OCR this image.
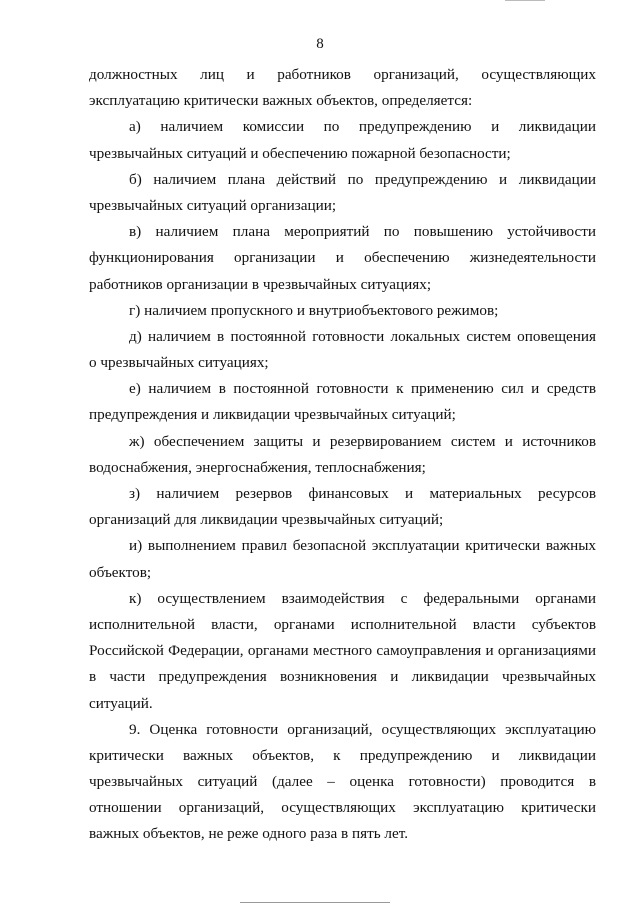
8
должностных лиц и работников организаций, осуществляющих
эксплуатацию критически важных объектов, определяется:
а) наличием комиссии по предупреждению и ликвидации
чрезвычайных ситуаций и обеспечению пожарной безопасности;
б) наличием плана действий по предупреждению и ликвидации
чрезвычайных ситуаций организации;
в) наличием плана мероприятий по повышению устойчивости
функционирования организации и обеспечению жизнедеятельности
работников организации в чрезвычайных ситуациях;
г) наличием пропускного и внутриобъектового режимов;
д) наличием в постоянной готовности локальных систем оповещения
о чрезвычайных ситуациях;
е) наличием в постоянной готовности к применению сил и средств
предупреждения и ликвидации чрезвычайных ситуаций;
ж) обеспечением защиты и резервированием систем и источников
водоснабжения, энергоснабжения, теплоснабжения;
з) наличием резервов финансовых и материальных ресурсов
организаций для ликвидации чрезвычайных ситуаций;
и) выполнением правил безопасной эксплуатации критически важных
объектов;
к) осуществлением взаимодействия с федеральными органами
исполнительной власти, органами исполнительной власти субъектов
Российской Федерации, органами местного самоуправления и организациями
в части предупреждения возникновения и ликвидации чрезвычайных
ситуаций.
9. Оценка готовности организаций, осуществляющих эксплуатацию
критически важных объектов, к предупреждению и ликвидации
чрезвычайных ситуаций (далее – оценка готовности) проводится в
отношении организаций, осуществляющих эксплуатацию критически
важных объектов, не реже одного раза в пять лет.
